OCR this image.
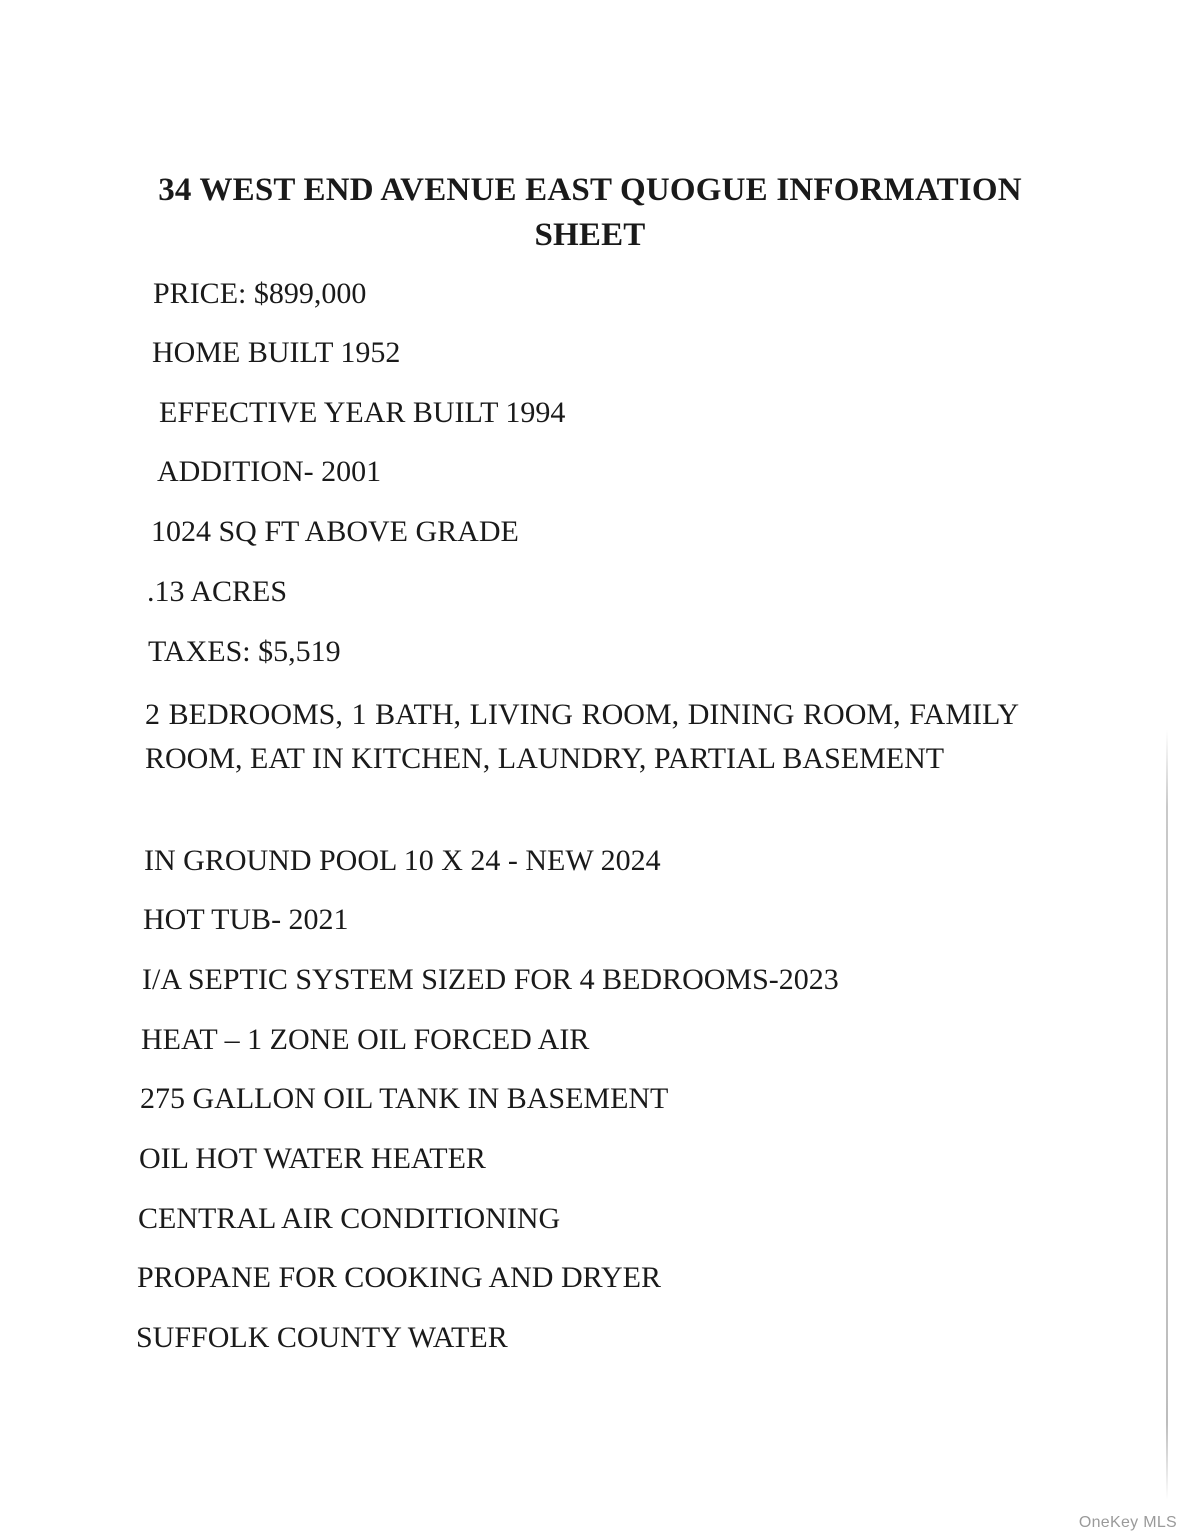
34 WEST END AVENUE EAST QUOGUE INFORMATION SHEET
PRICE: $899,000
HOME BUILT 1952
EFFECTIVE YEAR BUILT 1994
ADDITION- 2001
1024 SQ FT ABOVE GRADE
.13 ACRES
TAXES: $5,519
2 BEDROOMS, 1 BATH, LIVING ROOM, DINING ROOM, FAMILY ROOM, EAT IN KITCHEN, LAUNDRY, PARTIAL BASEMENT
IN GROUND POOL 10 X 24 - NEW 2024
HOT TUB- 2021
I/A SEPTIC SYSTEM SIZED FOR 4 BEDROOMS-2023
HEAT – 1 ZONE OIL FORCED AIR
275 GALLON OIL TANK IN BASEMENT
OIL HOT WATER HEATER
CENTRAL AIR CONDITIONING
PROPANE FOR COOKING AND DRYER
SUFFOLK COUNTY WATER
OneKey MLS
